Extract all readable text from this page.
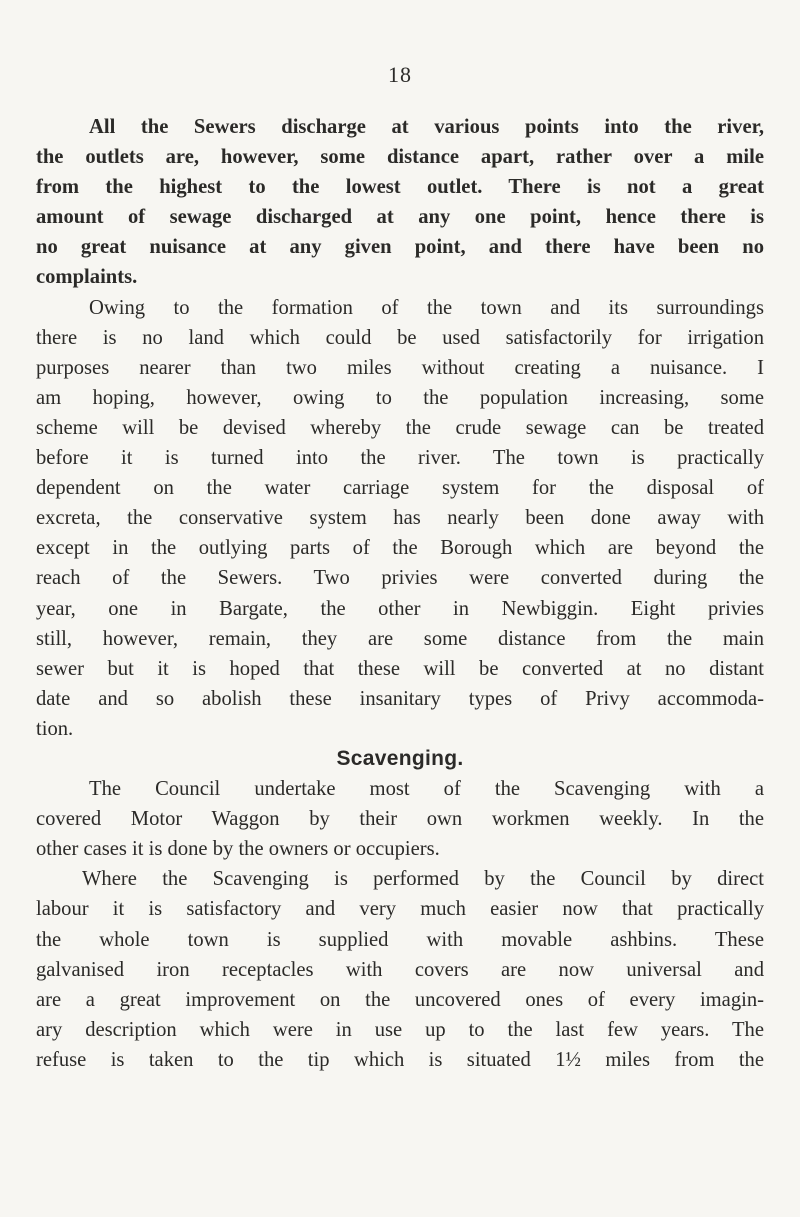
18
All the Sewers discharge at various points into the river,
the outlets are, however, some distance apart, rather over a mile
from the highest to the lowest outlet. There is not a great
amount of sewage discharged at any one point, hence there is
no great nuisance at any given point, and there have been no
complaints.
Owing to the formation of the town and its surroundings
there is no land which could be used satisfactorily for irrigation
purposes nearer than two miles without creating a nuisance. I
am hoping, however, owing to the population increasing, some
scheme will be devised whereby the crude sewage can be treated
before it is turned into the river. The town is practically
dependent on the water carriage system for the disposal of
excreta, the conservative system has nearly been done away with
except in the outlying parts of the Borough which are beyond the
reach of the Sewers. Two privies were converted during the
year, one in Bargate, the other in Newbiggin. Eight privies
still, however, remain, they are some distance from the main
sewer but it is hoped that these will be converted at no distant
date and so abolish these insanitary types of Privy accommoda-
tion.
Scavenging.
The Council undertake most of the Scavenging with a
covered Motor Waggon by their own workmen weekly. In the
other cases it is done by the owners or occupiers.
Where the Scavenging is performed by the Council by direct
labour it is satisfactory and very much easier now that practically
the whole town is supplied with movable ashbins. These
galvanised iron receptacles with covers are now universal and
are a great improvement on the uncovered ones of every imagin-
ary description which were in use up to the last few years. The
refuse is taken to the tip which is situated 1½ miles from the
